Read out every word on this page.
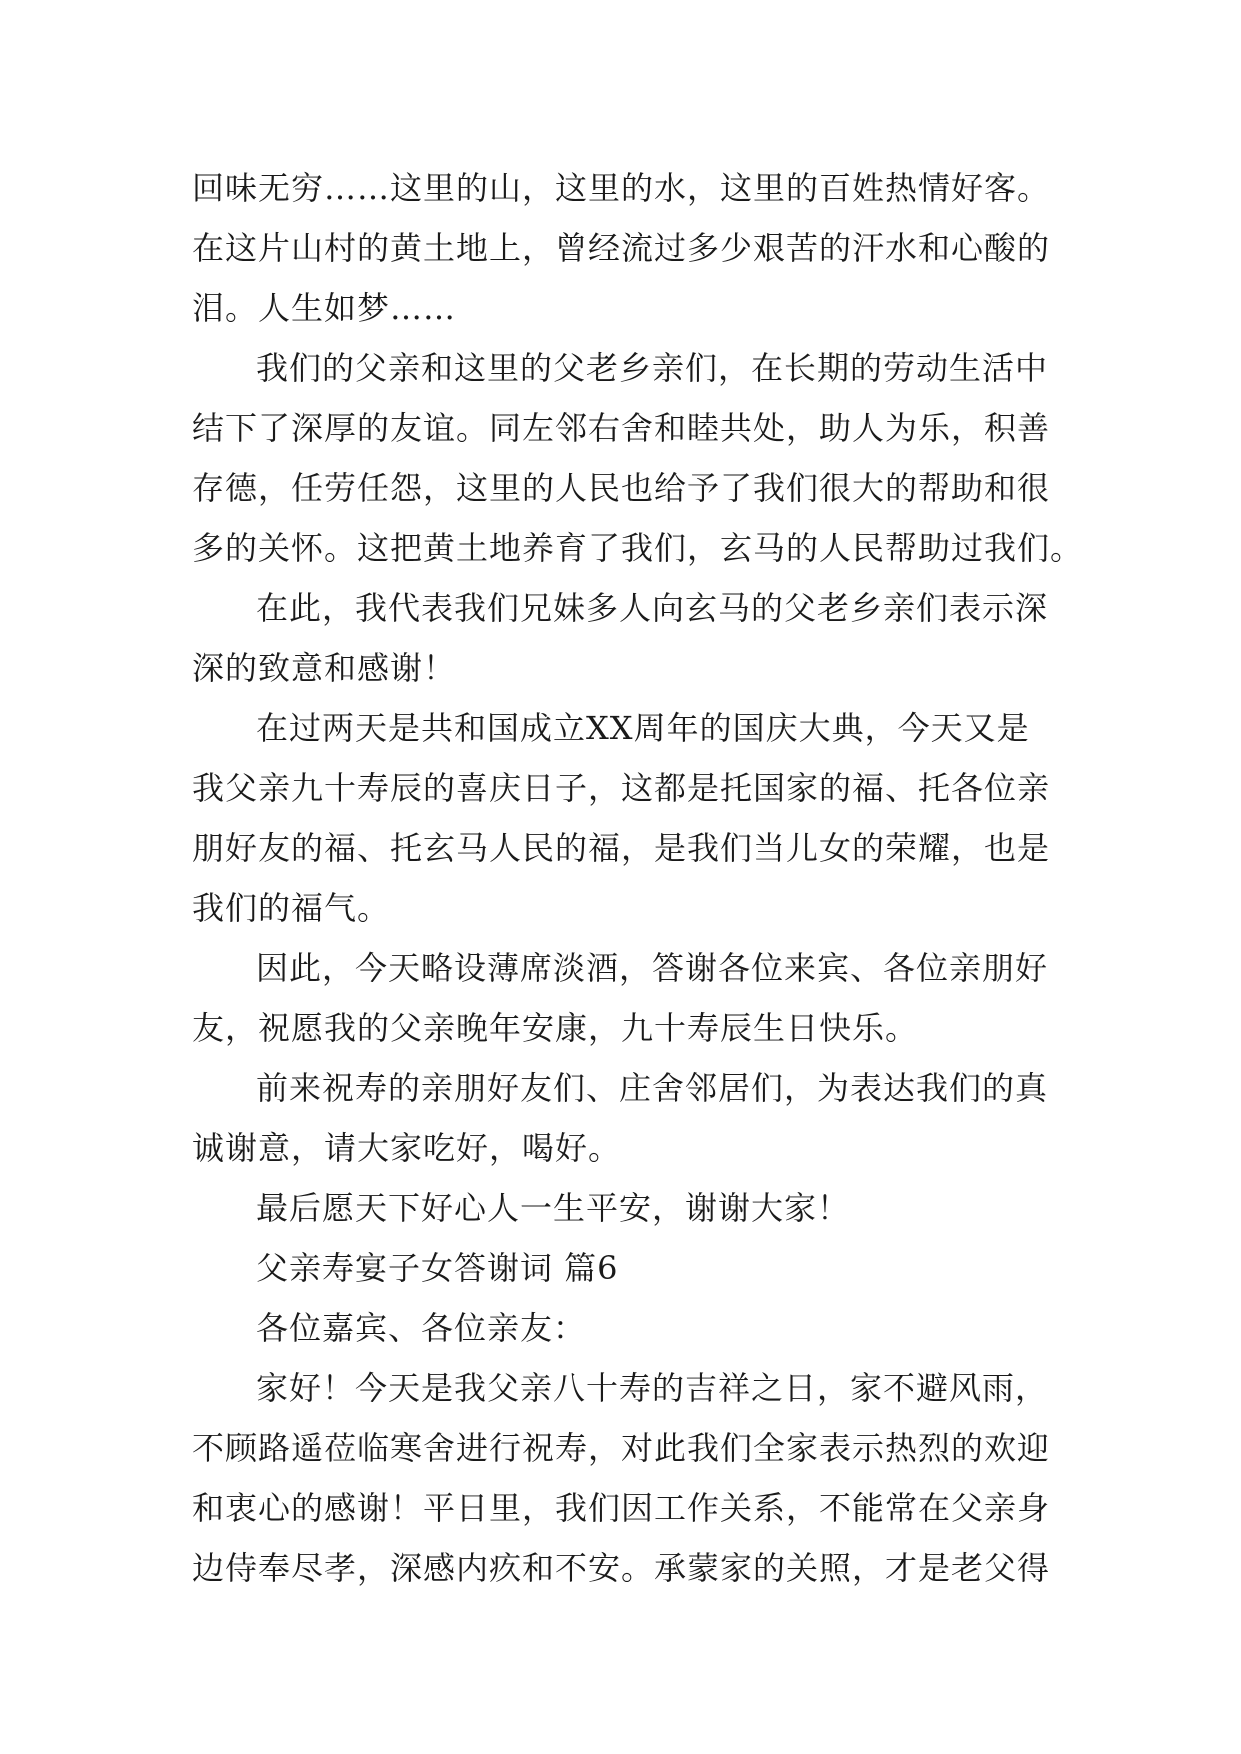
回味无穷……这里的山，这里的水，这里的百姓热情好客。
在这片山村的黄土地上，曾经流过多少艰苦的汗水和心酸的
泪。人生如梦……
我们的父亲和这里的父老乡亲们，在长期的劳动生活中
结下了深厚的友谊。同左邻右舍和睦共处，助人为乐，积善
存德，任劳任怨，这里的人民也给予了我们很大的帮助和很
多的关怀。这把黄土地养育了我们，玄马的人民帮助过我们。
在此，我代表我们兄妹多人向玄马的父老乡亲们表示深
深的致意和感谢！
在过两天是共和国成立XX周年的国庆大典，今天又是
我父亲九十寿辰的喜庆日子，这都是托国家的福、托各位亲
朋好友的福、托玄马人民的福，是我们当儿女的荣耀，也是
我们的福气。
因此，今天略设薄席淡酒，答谢各位来宾、各位亲朋好
友，祝愿我的父亲晚年安康，九十寿辰生日快乐。
前来祝寿的亲朋好友们、庄舍邻居们，为表达我们的真
诚谢意，请大家吃好，喝好。
最后愿天下好心人一生平安，谢谢大家！
父亲寿宴子女答谢词 篇6
各位嘉宾、各位亲友：
家好！今天是我父亲八十寿的吉祥之日，家不避风雨，
不顾路遥莅临寒舍进行祝寿，对此我们全家表示热烈的欢迎
和衷心的感谢！平日里，我们因工作关系，不能常在父亲身
边侍奉尽孝，深感内疚和不安。承蒙家的关照，才是老父得
